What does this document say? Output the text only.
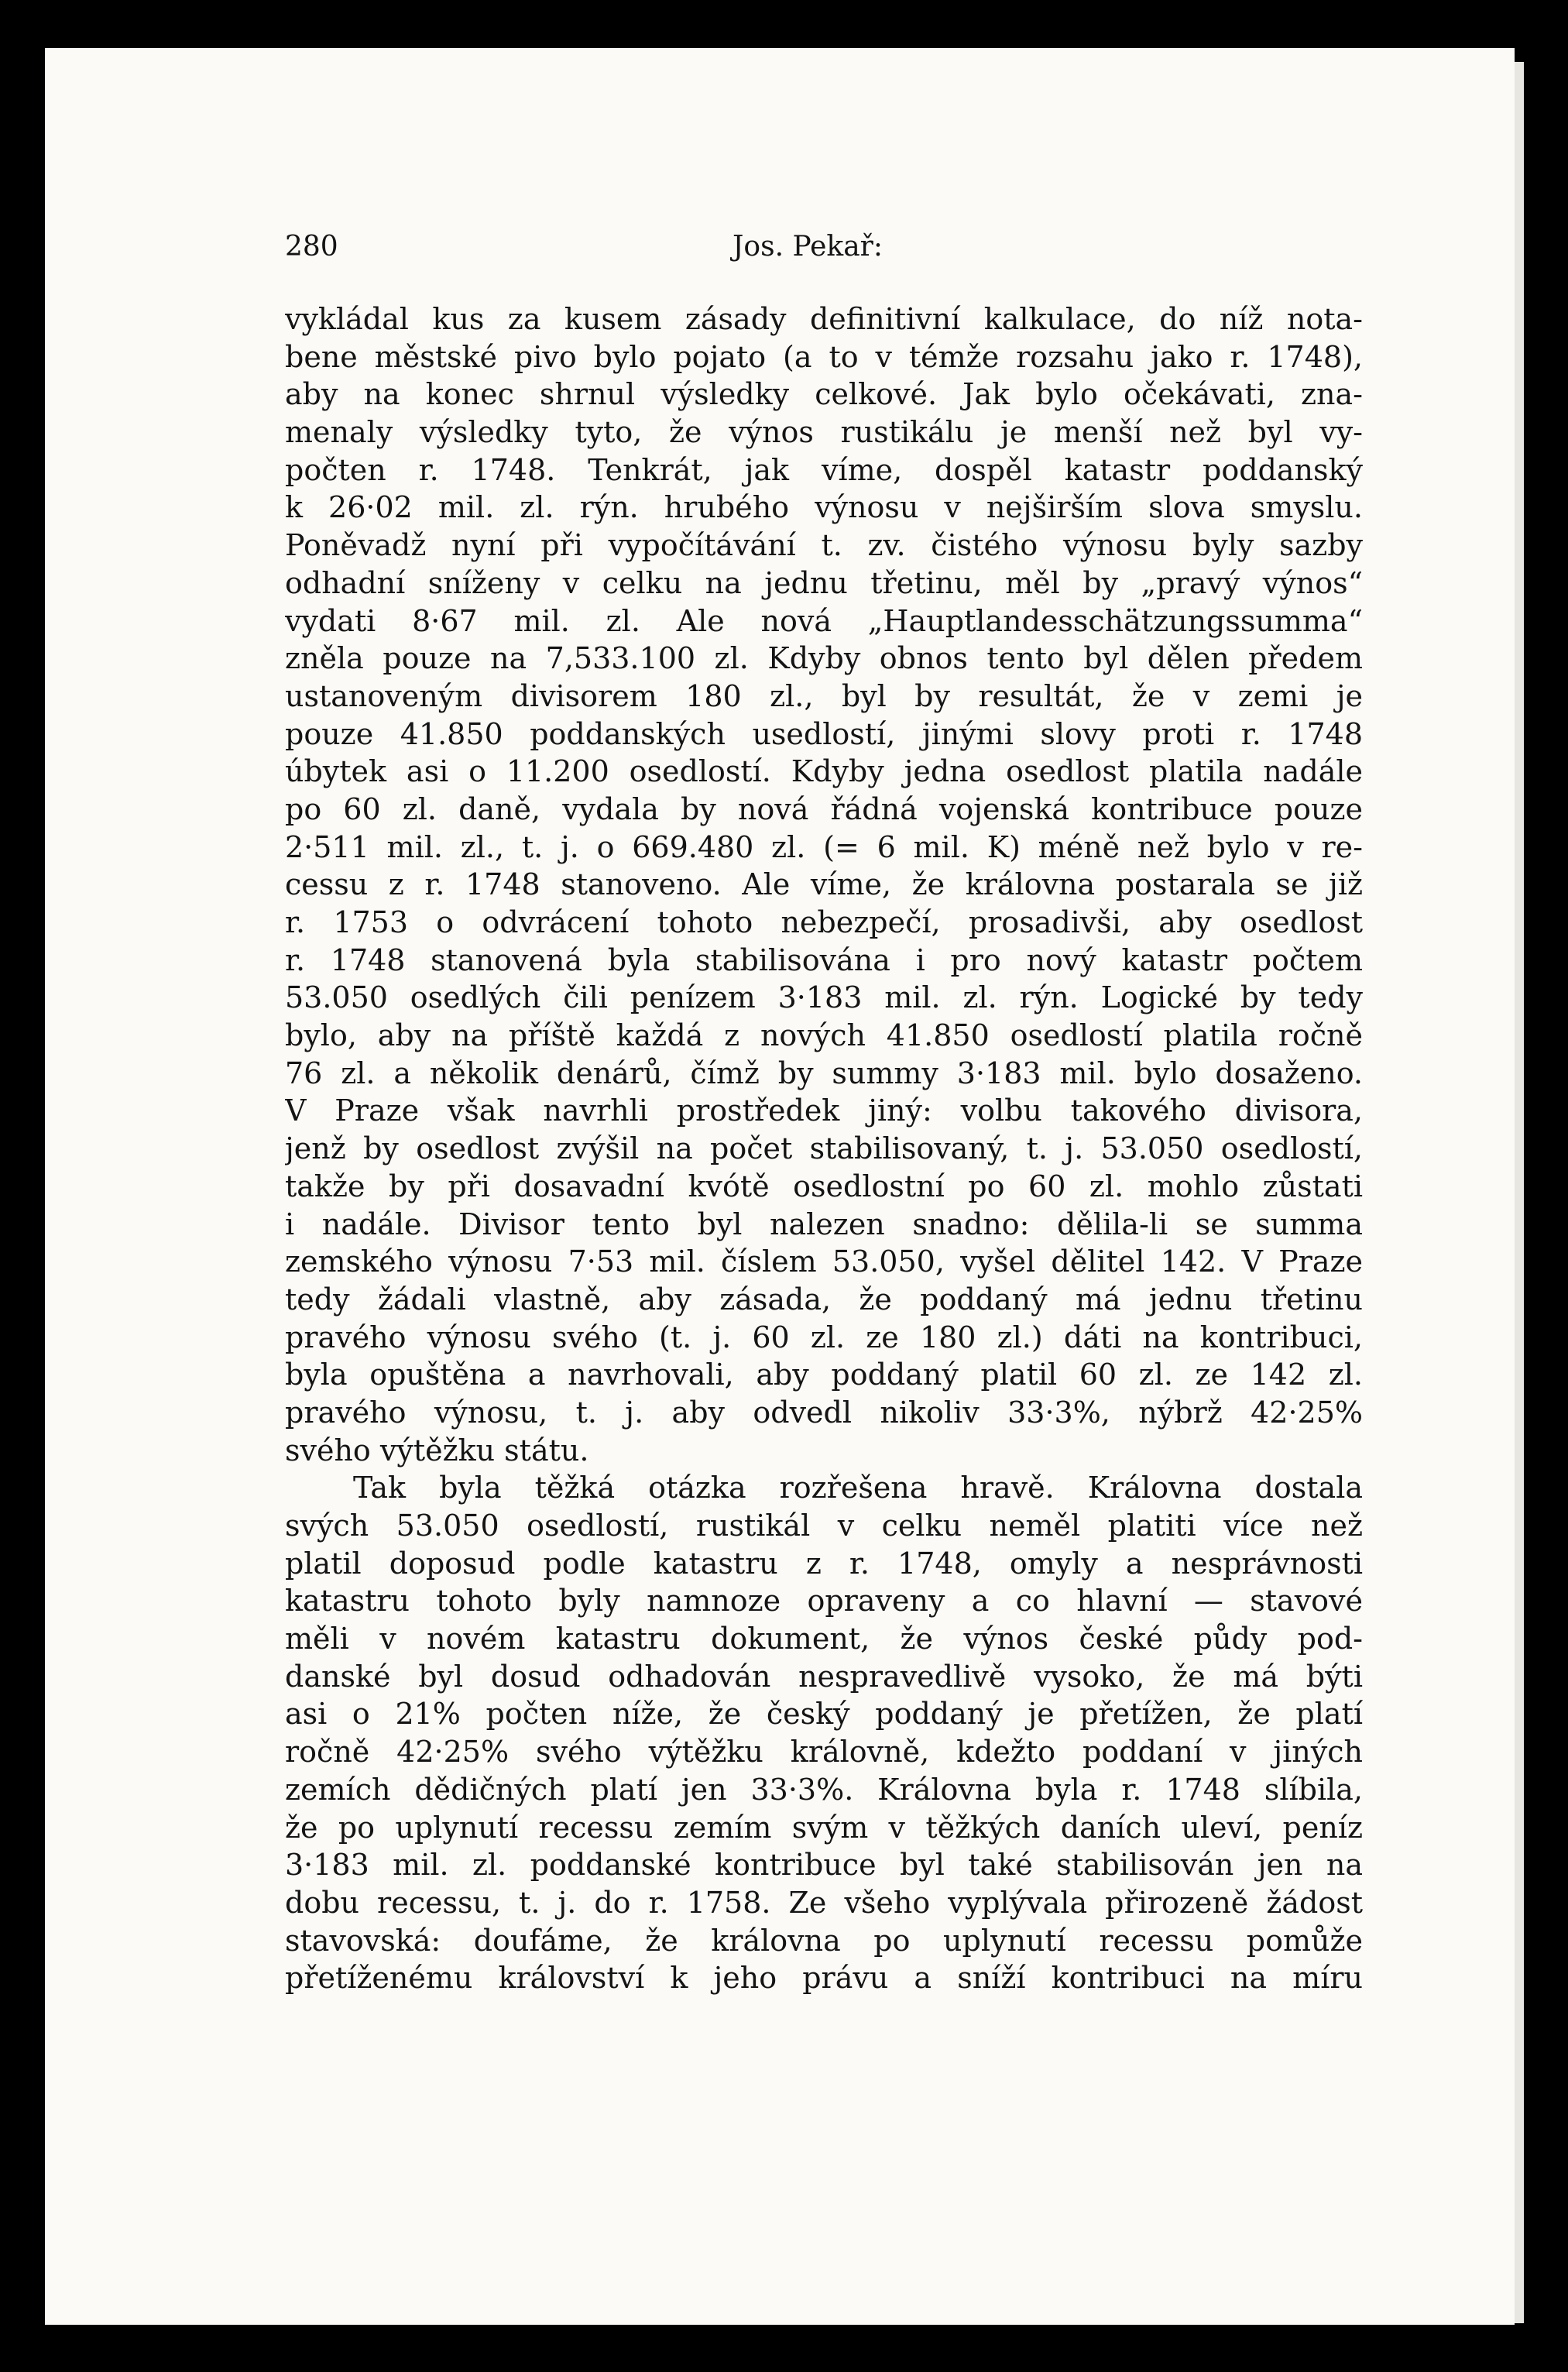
280	Jos. Pekař:
vykládal kus za kusem zásady definitivní kalkulace, do níž nota-
bene městské pivo bylo pojato (a to v témže rozsahu jako r. 1748),
aby na konec shrnul výsledky celkové. Jak bylo očekávati, zna-
menaly výsledky tyto, že výnos rustikálu je menší než byl vy-
počten r. 1748. Tenkrát, jak víme, dospěl katastr poddanský
k 26·02 mil. zl. rýn. hrubého výnosu v nejširším slova smyslu.
Poněvadž nyní při vypočítávání t. zv. čistého výnosu byly sazby
odhadní sníženy v celku na jednu třetinu, měl by „pravý výnos“
vydati 8·67 mil. zl. Ale nová „Hauptlandesschätzungssumma“
zněla pouze na 7,533.100 zl. Kdyby obnos tento byl dělen předem
ustanoveným divisorem 180 zl., byl by resultát, že v zemi je
pouze 41.850 poddanských usedlostí, jinými slovy proti r. 1748
úbytek asi o 11.200 osedlostí. Kdyby jedna osedlost platila nadále
po 60 zl. daně, vydala by nová řádná vojenská kontribuce pouze
2·511 mil. zl., t. j. o 669.480 zl. (= 6 mil. K) méně než bylo v re-
cessu z r. 1748 stanoveno. Ale víme, že královna postarala se již
r. 1753 o odvrácení tohoto nebezpečí, prosadivši, aby osedlost
r. 1748 stanovená byla stabilisována i pro nový katastr počtem
53.050 osedlých čili penízem 3·183 mil. zl. rýn. Logické by tedy
bylo, aby na příště každá z nových 41.850 osedlostí platila ročně
76 zl. a několik denárů, čímž by summy 3·183 mil. bylo dosaženo.
V Praze však navrhli prostředek jiný: volbu takového divisora,
jenž by osedlost zvýšil na počet stabilisovaný, t. j. 53.050 osedlostí,
takže by při dosavadní kvótě osedlostní po 60 zl. mohlo zůstati
i nadále. Divisor tento byl nalezen snadno: dělila-li se summa
zemského výnosu 7·53 mil. číslem 53.050, vyšel dělitel 142. V Praze
tedy žádali vlastně, aby zásada, že poddaný má jednu třetinu
pravého výnosu svého (t. j. 60 zl. ze 180 zl.) dáti na kontribuci,
byla opuštěna a navrhovali, aby poddaný platil 60 zl. ze 142 zl.
pravého výnosu, t. j. aby odvedl nikoliv 33·3%, nýbrž 42·25%
svého výtěžku státu.
Tak byla těžká otázka rozřešena hravě. Královna dostala
svých 53.050 osedlostí, rustikál v celku neměl platiti více než
platil doposud podle katastru z r. 1748, omyly a nesprávnosti
katastru tohoto byly namnoze opraveny a co hlavní — stavové
měli v novém katastru dokument, že výnos české půdy pod-
danské byl dosud odhadován nespravedlivě vysoko, že má býti
asi o 21% počten níže, že český poddaný je přetížen, že platí
ročně 42·25% svého výtěžku královně, kdežto poddaní v jiných
zemích dědičných platí jen 33·3%. Královna byla r. 1748 slíbila,
že po uplynutí recessu zemím svým v těžkých daních uleví, peníz
3·183 mil. zl. poddanské kontribuce byl také stabilisován jen na
dobu recessu, t. j. do r. 1758. Ze všeho vyplývala přirozeně žádost
stavovská: doufáme, že královna po uplynutí recessu pomůže
přetíženému království k jeho právu a sníží kontribuci na míru
